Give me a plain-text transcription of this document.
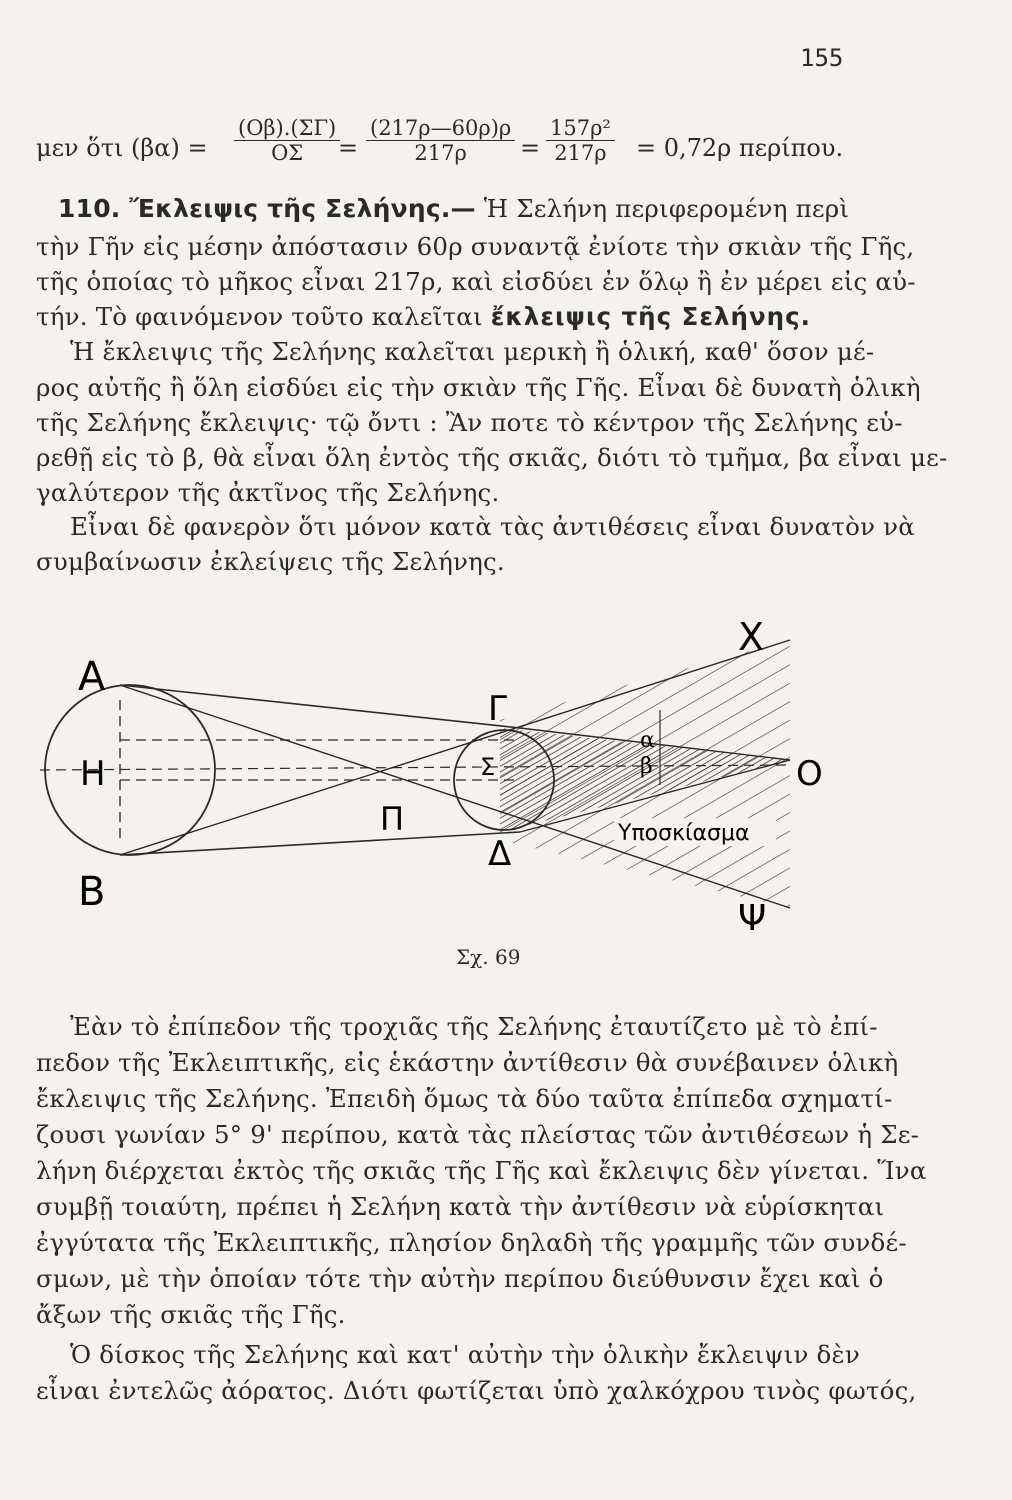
155
μεν ὅτι $(\beta\alpha) = \frac{(O\beta).(\Sigma\Gamma)}{O\Sigma}$
= $\frac{(217\rho—60\rho)\rho}{217\rho} = \frac{\text{157ρ²}}{217\rho} = 0,72\rho$ περίπου.
110. Ἔκλειψις τῆς Σελήνης.— Ἡ Σελήνη περιφερομένη περὶ
τὴν Γῆν εἰς μέσην ἀπόστασιν 60ρ συναντᾷ ἐνίοτε τὴν σκιὰν τῆς Γῆς,
τῆς ὁποίας τὸ μῆκος εἶναι 217ρ, καὶ εἰσδύει ἐν ὅλῳ ἢ ἐν μέρει εἰς αὐ-
τήν. Τὸ φαινόμενον τοῦτο καλεῖται ἔκλειψις τῆς Σελήνης.
Ἡ ἔκλειψις τῆς Σελήνης καλεῖται μερικὴ ἢ ὁλική, καθ' ὅσον μέ-
ρος αὐτῆς ἢ ὅλη εἰσδύει εἰς τὴν σκιὰν τῆς Γῆς. Εἶναι δὲ δυνατὴ ὁλικὴ
τῆς Σελήνης ἔκλειψις· τῷ ὄντι : Ἂν ποτε τὸ κέντρον τῆς Σελήνης εὑ-
ρεθῇ εἰς τὸ β, θὰ εἶναι ὅλη ἐντὸς τῆς σκιᾶς, διότι τὸ τμῆμα, βα εἶναι με-
γαλύτερον τῆς ἀκτῖνος τῆς Σελήνης.
Εἶναι δὲ φανερὸν ὅτι μόνον κατὰ τὰς ἀντιθέσεις εἶναι δυνατὸν νὰ
συμβαίνωσιν ἐκλείψεις τῆς Σελήνης.
Α
Η
Β
Π
Γ
Σ
Δ
Χ
Ο
Ψ
α
β
Υποσκίασμα
Σχ. 69
Ἐὰν τὸ ἐπίπεδον τῆς τροχιᾶς τῆς Σελήνης ἐταυτίζετο μὲ τὸ ἐπί-
πεδον τῆς Ἐκλειπτικῆς, εἰς ἑκάστην ἀντίθεσιν θὰ συνέβαινεν ὁλικὴ
ἔκλειψις τῆς Σελήνης. Ἐπειδὴ ὅμως τὰ δύο ταῦτα ἐπίπεδα σχηματί-
ζουσι γωνίαν 5° 9' περίπου, κατὰ τὰς πλείστας τῶν ἀντιθέσεων ἡ Σε-
λήνη διέρχεται ἐκτὸς τῆς σκιᾶς τῆς Γῆς καὶ ἔκλειψις δὲν γίνεται. Ἵνα
συμβῇ τοιαύτη, πρέπει ἡ Σελήνη κατὰ τὴν ἀντίθεσιν νὰ εὑρίσκηται
ἐγγύτατα τῆς Ἐκλειπτικῆς, πλησίον δηλαδὴ τῆς γραμμῆς τῶν συνδέ-
σμων, μὲ τὴν ὁποίαν τότε τὴν αὐτὴν περίπου διεύθυνσιν ἔχει καὶ ὁ
ἄξων τῆς σκιᾶς τῆς Γῆς.
Ὁ δίσκος τῆς Σελήνης καὶ κατ' αὐτὴν τὴν ὁλικὴν ἔκλειψιν δὲν
εἶναι ἐντελῶς ἀόρατος. Διότι φωτίζεται ὑπὸ χαλκόχρου τινὸς φωτός,
